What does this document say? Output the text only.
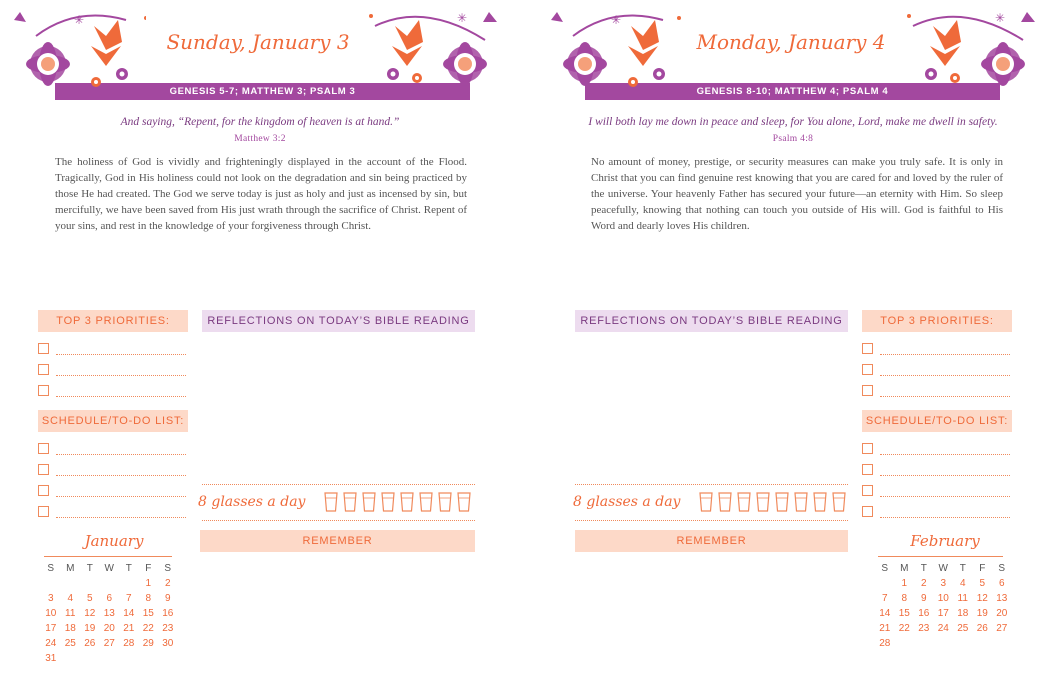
GENESIS 5-7; MATTHEW 3; PSALM 3
✳	✳
Sunday, January 3
And saying, “Repent, for the kingdom of heaven is at hand.”
Matthew 3:2
The holiness of God is vividly and frighteningly displayed in the account of the Flood. Tragically, God in His holiness could not look on the degradation and sin being practiced by those He had created. The God we serve today is just as holy and just as incensed by sin, but mercifully, we have been saved from His just wrath through the sacrifice of Christ. Repent of your sins, and rest in the knowledge of your forgiveness through Christ.
TOP 3 PRIORITIES:
SCHEDULE/TO-DO LIST:
REFLECTIONS ON TODAY’S BIBLE READING
8 glasses a day
REMEMBER
January
S	M	T	W	T	F	S
					1	2
3	4	5	6	7	8	9
10	11	12	13	14	15	16
17	18	19	20	21	22	23
24	25	26	27	28	29	30
31						
GENESIS 8-10; MATTHEW 4; PSALM 4
✳	✳
Monday, January 4
I will both lay me down in peace and sleep, for You alone, Lord, make me dwell in safety.
Psalm 4:8
No amount of money, prestige, or security measures can make you truly safe. It is only in Christ that you can find genuine rest knowing that you are cared for and loved by the ruler of the universe. Your heavenly Father has secured your future—an eternity with Him. So sleep peacefully, knowing that nothing can touch you outside of His will. God is faithful to His Word and dearly loves His children.
REFLECTIONS ON TODAY’S BIBLE READING
8 glasses a day
REMEMBER
TOP 3 PRIORITIES:
SCHEDULE/TO-DO LIST:
February
S	M	T	W	T	F	S
	1	2	3	4	5	6
7	8	9	10	11	12	13
14	15	16	17	18	19	20
21	22	23	24	25	26	27
28						
